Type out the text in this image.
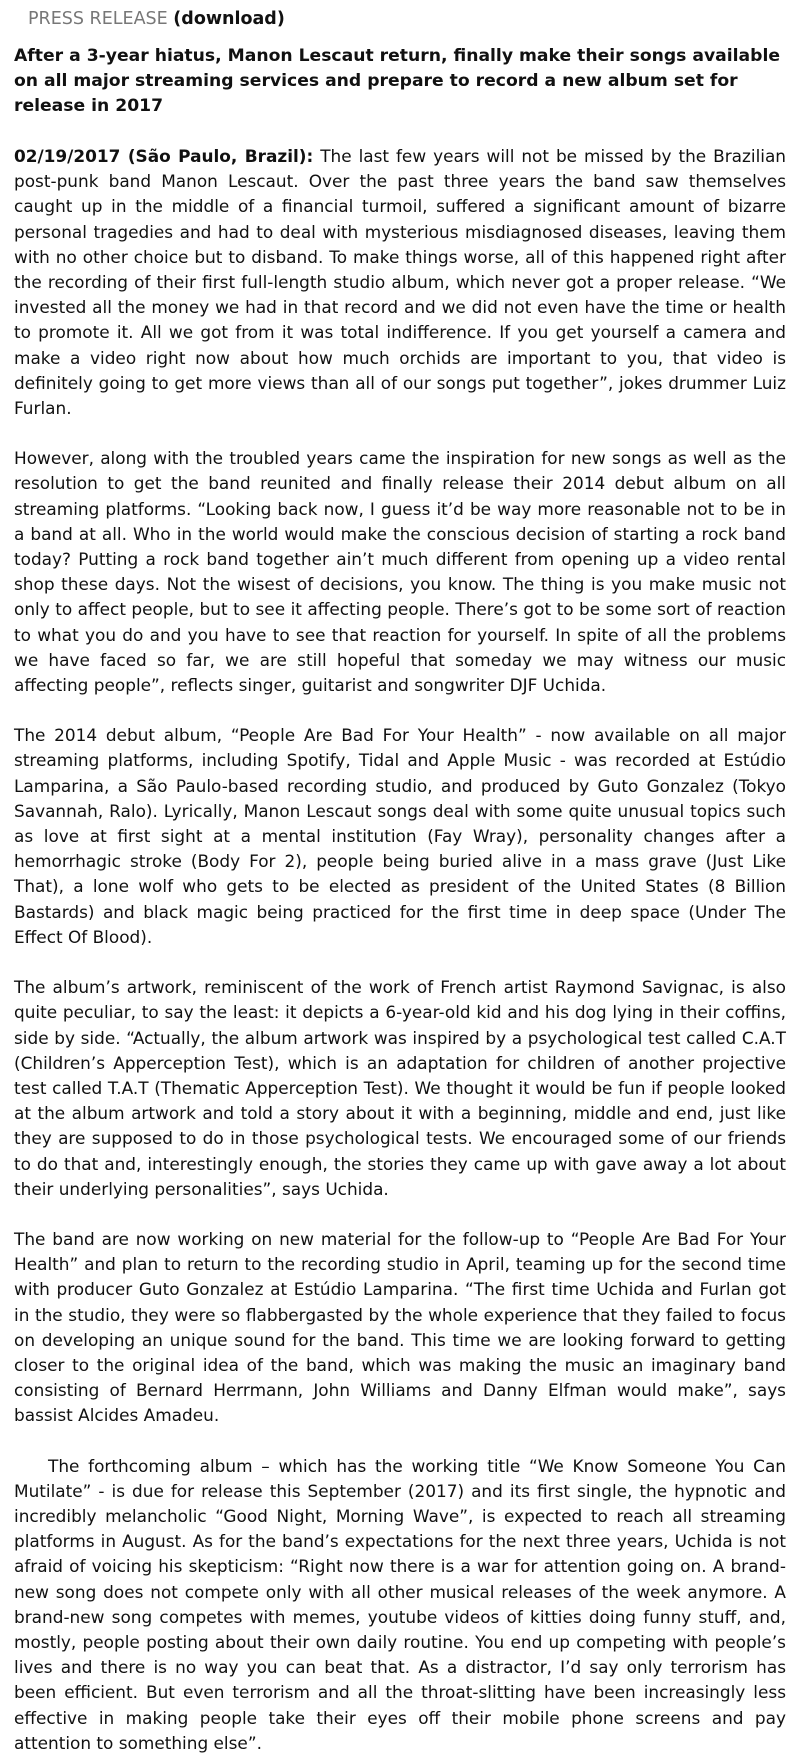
PRESS RELEASE (download)
After a 3-year hiatus, Manon Lescaut return, finally make their songs available on all major streaming services and prepare to record a new album set for release in 2017

02/19/2017 (São Paulo, Brazil): The last few years will not be missed by the Brazilian post-punk band Manon Lescaut. Over the past three years the band saw themselves caught up in the middle of a financial turmoil, suffered a significant amount of bizarre personal tragedies and had to deal with mysterious misdiagnosed diseases, leaving them with no other choice but to disband. To make things worse, all of this happened right after the recording of their first full-length studio album, which never got a proper release. “We invested all the money we had in that record and we did not even have the time or health to promote it. All we got from it was total indifference. If you get yourself a camera and make a video right now about how much orchids are important to you, that video is definitely going to get more views than all of our songs put together”, jokes drummer Luiz Furlan.

However, along with the troubled years came the inspiration for new songs as well as the resolution to get the band reunited and finally release their 2014 debut album on all streaming platforms. “Looking back now, I guess it’d be way more reasonable not to be in a band at all. Who in the world would make the conscious decision of starting a rock band today? Putting a rock band together ain’t much different from opening up a video rental shop these days. Not the wisest of decisions, you know. The thing is you make music not only to affect people, but to see it affecting people. There’s got to be some sort of reaction to what you do and you have to see that reaction for yourself. In spite of all the problems we have faced so far, we are still hopeful that someday we may witness our music affecting people”, reflects singer, guitarist and songwriter DJF Uchida.

The 2014 debut album, “People Are Bad For Your Health” - now available on all major streaming platforms, including Spotify, Tidal and Apple Music - was recorded at Estúdio Lamparina, a São Paulo-based recording studio, and produced by Guto Gonzalez (Tokyo Savannah, Ralo). Lyrically, Manon Lescaut songs deal with some quite unusual topics such as love at first sight at a mental institution (Fay Wray), personality changes after a hemorrhagic stroke (Body For 2), people being buried alive in a mass grave (Just Like That), a lone wolf who gets to be elected as president of the United States (8 Billion Bastards) and black magic being practiced for the first time in deep space (Under The Effect Of Blood).

The album’s artwork, reminiscent of the work of French artist Raymond Savignac, is also quite peculiar, to say the least: it depicts a 6-year-old kid and his dog lying in their coffins, side by side. “Actually, the album artwork was inspired by a psychological test called C.A.T (Children’s Apperception Test), which is an adaptation for children of another projective test called T.A.T (Thematic Apperception Test). We thought it would be fun if people looked at the album artwork and told a story about it with a beginning, middle and end, just like they are supposed to do in those psychological tests. We encouraged some of our friends to do that and, interestingly enough, the stories they came up with gave away a lot about their underlying personalities”, says Uchida.

The band are now working on new material for the follow-up to “People Are Bad For Your Health” and plan to return to the recording studio in April, teaming up for the second time with producer Guto Gonzalez at Estúdio Lamparina. “The first time Uchida and Furlan got in the studio, they were so flabbergasted by the whole experience that they failed to focus on developing an unique sound for the band. This time we are looking forward to getting closer to the original idea of the band, which was making the music an imaginary band consisting of Bernard Herrmann, John Williams and Danny Elfman would make”, says bassist Alcides Amadeu.

The forthcoming album – which has the working title “We Know Someone You Can Mutilate” - is due for release this September (2017) and its first single, the hypnotic and incredibly melancholic “Good Night, Morning Wave”, is expected to reach all streaming platforms in August. As for the band’s expectations for the next three years, Uchida is not afraid of voicing his skepticism: “Right now there is a war for attention going on. A brand-new song does not compete only with all other musical releases of the week anymore. A brand-new song competes with memes, youtube videos of kitties doing funny stuff, and, mostly, people posting about their own daily routine. You end up competing with people’s lives and there is no way you can beat that. As a distractor, I’d say only terrorism has been efficient. But even terrorism and all the throat-slitting have been increasingly less effective in making people take their eyes off their mobile phone screens and pay attention to something else”.
